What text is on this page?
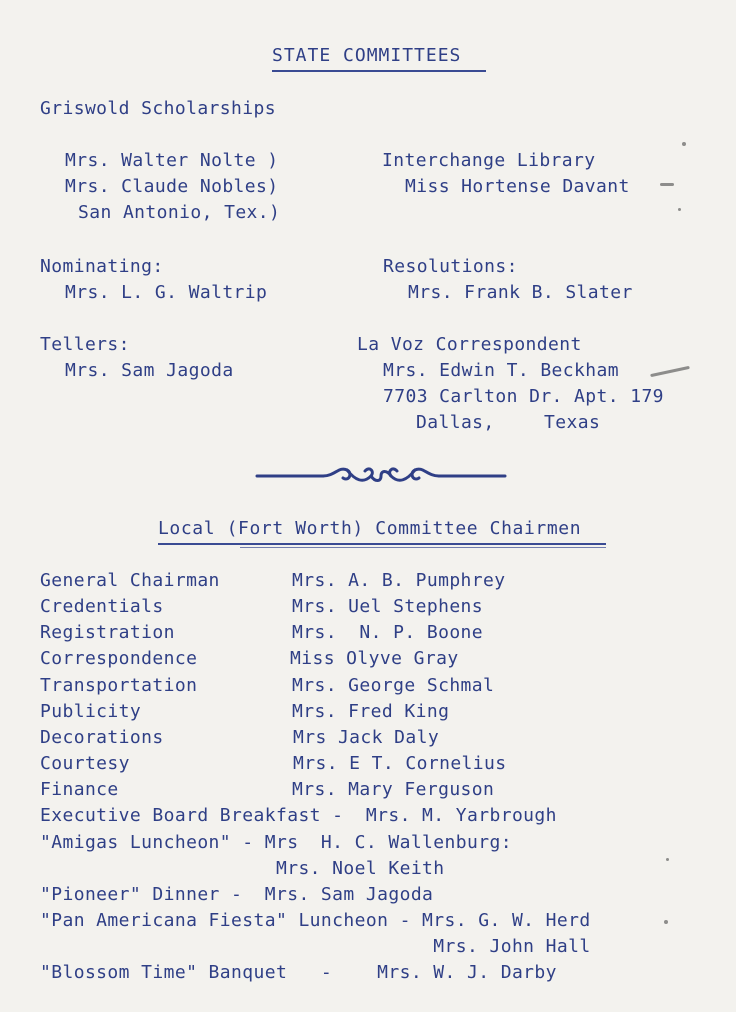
STATE COMMITTEES
Griswold Scholarships
Mrs. Walter Nolte )
Mrs. Claude Nobles)
San Antonio, Tex.)
Interchange Library
Miss Hortense Davant
Nominating:
Mrs. L. G. Waltrip
Resolutions:
Mrs. Frank B. Slater
Tellers:
Mrs. Sam Jagoda
La Voz Correspondent
Mrs. Edwin T. Beckham
7703 Carlton Dr. Apt. 179
Dallas,	Texas
Local (Fort Worth) Committee Chairmen
General Chairman	Mrs. A. B. Pumphrey
Credentials	Mrs. Uel Stephens
Registration	Mrs.  N. P. Boone
Correspondence	Miss Olyve Gray
Transportation	Mrs. George Schmal
Publicity	Mrs. Fred King
Decorations	Mrs Jack Daly
Courtesy	Mrs. E T. Cornelius
Finance	Mrs. Mary Ferguson
Executive Board Breakfast -  Mrs. M. Yarbrough
"Amigas Luncheon" - Mrs  H. C. Wallenburg:
Mrs. Noel Keith
"Pioneer" Dinner -  Mrs. Sam Jagoda
"Pan Americana Fiesta" Luncheon - Mrs. G. W. Herd
Mrs. John Hall
"Blossom Time" Banquet   -    Mrs. W. J. Darby
